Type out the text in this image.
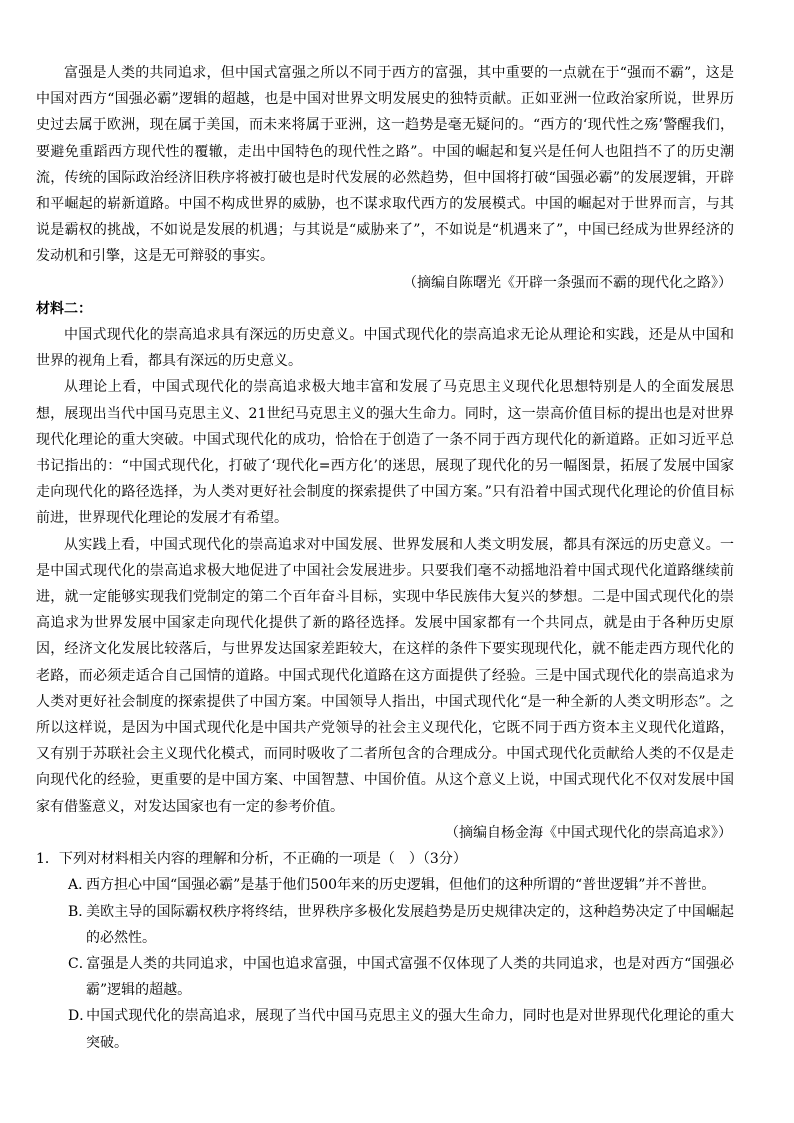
富强是人类的共同追求，但中国式富强之所以不同于西方的富强，其中重要的一点就在于“强而不霸”，这是中国对西方“国强必霸”逻辑的超越，也是中国对世界文明发展史的独特贡献。正如亚洲一位政治家所说，世界历史过去属于欧洲，现在属于美国，而未来将属于亚洲，这一趋势是毫无疑问的。“西方的‘现代性之殇’警醒我们，要避免重蹈西方现代性的覆辙，走出中国特色的现代性之路”。中国的崛起和复兴是任何人也阻挡不了的历史潮流，传统的国际政治经济旧秩序将被打破也是时代发展的必然趋势，但中国将打破“国强必霸”的发展逻辑，开辟和平崛起的崭新道路。中国不构成世界的威胁，也不谋求取代西方的发展模式。中国的崛起对于世界而言，与其说是霸权的挑战，不如说是发展的机遇；与其说是“威胁来了”，不如说是“机遇来了”，中国已经成为世界经济的发动机和引擎，这是无可辩驳的事实。

（摘编自陈曙光《开辟一条强而不霸的现代化之路》）

材料二：

中国式现代化的崇高追求具有深远的历史意义。中国式现代化的崇高追求无论从理论和实践，还是从中国和世界的视角上看，都具有深远的历史意义。

从理论上看，中国式现代化的崇高追求极大地丰富和发展了马克思主义现代化思想特别是人的全面发展思想，展现出当代中国马克思主义、21世纪马克思主义的强大生命力。同时，这一崇高价值目标的提出也是对世界现代化理论的重大突破。中国式现代化的成功，恰恰在于创造了一条不同于西方现代化的新道路。正如习近平总书记指出的：“中国式现代化，打破了‘现代化=西方化’的迷思，展现了现代化的另一幅图景，拓展了发展中国家走向现代化的路径选择，为人类对更好社会制度的探索提供了中国方案。”只有沿着中国式现代化理论的价值目标前进，世界现代化理论的发展才有希望。

从实践上看，中国式现代化的崇高追求对中国发展、世界发展和人类文明发展，都具有深远的历史意义。一是中国式现代化的崇高追求极大地促进了中国社会发展进步。只要我们毫不动摇地沿着中国式现代化道路继续前进，就一定能够实现我们党制定的第二个百年奋斗目标，实现中华民族伟大复兴的梦想。二是中国式现代化的崇高追求为世界发展中国家走向现代化提供了新的路径选择。发展中国家都有一个共同点，就是由于各种历史原因，经济文化发展比较落后，与世界发达国家差距较大，在这样的条件下要实现现代化，就不能走西方现代化的老路，而必须走适合自己国情的道路。中国式现代化道路在这方面提供了经验。三是中国式现代化的崇高追求为人类对更好社会制度的探索提供了中国方案。中国领导人指出，中国式现代化“是一种全新的人类文明形态”。之所以这样说，是因为中国式现代化是中国共产党领导的社会主义现代化，它既不同于西方资本主义现代化道路，又有别于苏联社会主义现代化模式，而同时吸收了二者所包含的合理成分。中国式现代化贡献给人类的不仅是走向现代化的经验，更重要的是中国方案、中国智慧、中国价值。从这个意义上说，中国式现代化不仅对发展中国家有借鉴意义，对发达国家也有一定的参考价值。

（摘编自杨金海《中国式现代化的崇高追求》）

1．下列对材料相关内容的理解和分析，不正确的一项是（　）（3分）

A．西方担心中国“国强必霸”是基于他们500年来的历史逻辑，但他们的这种所谓的“普世逻辑”并不普世。

B．美欧主导的国际霸权秩序将终结，世界秩序多极化发展趋势是历史规律决定的，这种趋势决定了中国崛起的必然性。

C．富强是人类的共同追求，中国也追求富强，中国式富强不仅体现了人类的共同追求，也是对西方“国强必霸”逻辑的超越。

D．中国式现代化的崇高追求，展现了当代中国马克思主义的强大生命力，同时也是对世界现代化理论的重大突破。
